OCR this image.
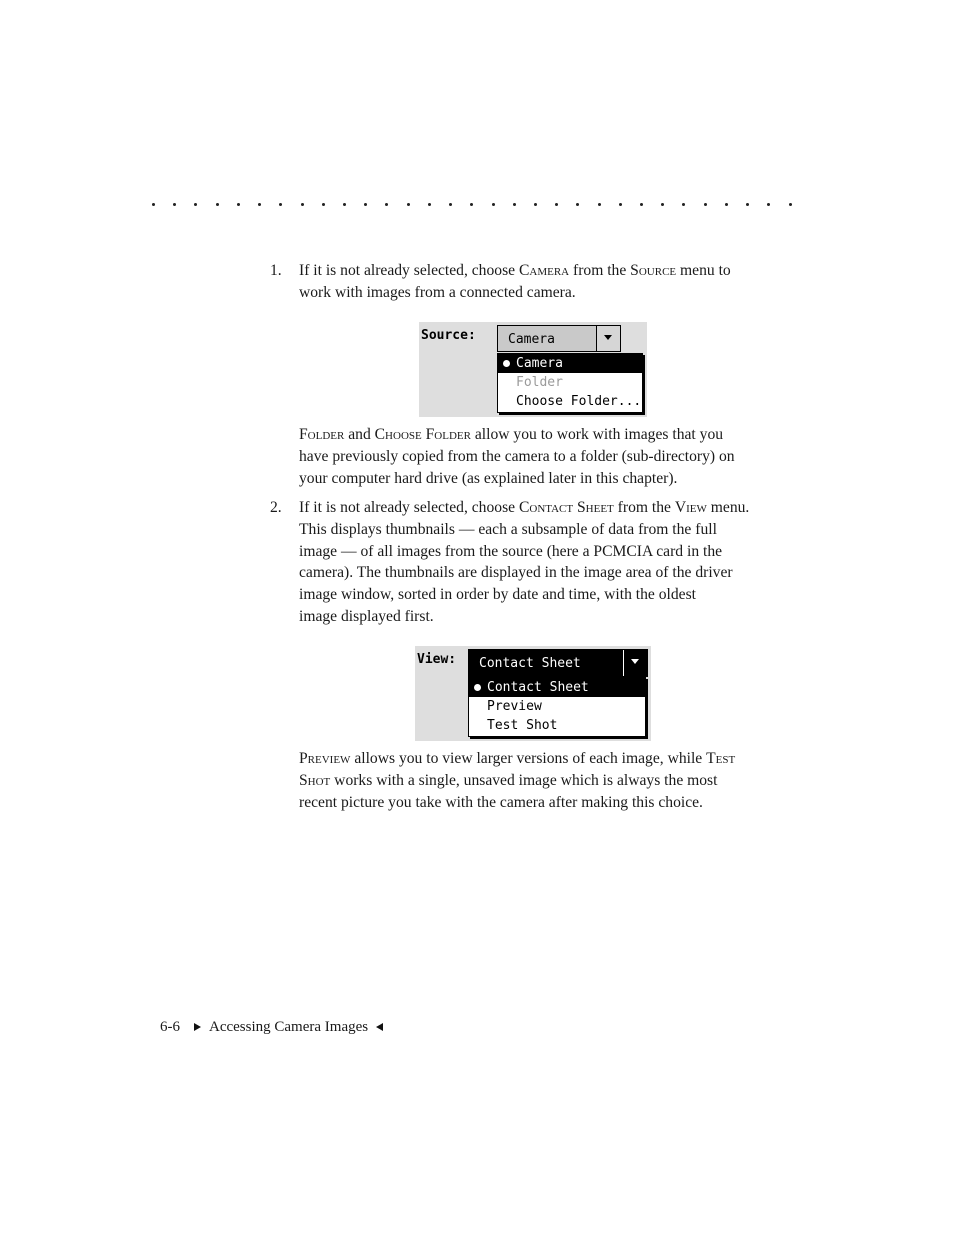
1. If it is not already selected, choose Camera from the Source menu to
work with images from a connected camera.
Source: Camera
Camera
Folder
Choose Folder...
Folder and Choose Folder allow you to work with images that you
have previously copied from the camera to a folder (sub-directory) on
your computer hard drive (as explained later in this chapter).
2. If it is not already selected, choose Contact Sheet from the View menu.
This displays thumbnails — each a subsample of data from the full
image — of all images from the source (here a PCMCIA card in the
camera). The thumbnails are displayed in the image area of the driver
image window, sorted in order by date and time, with the oldest
image displayed first.
View: Contact Sheet
Contact Sheet
Preview
Test Shot
Preview allows you to view larger versions of each image, while Test
Shot works with a single, unsaved image which is always the most
recent picture you take with the camera after making this choice.
6-6 Accessing Camera Images
